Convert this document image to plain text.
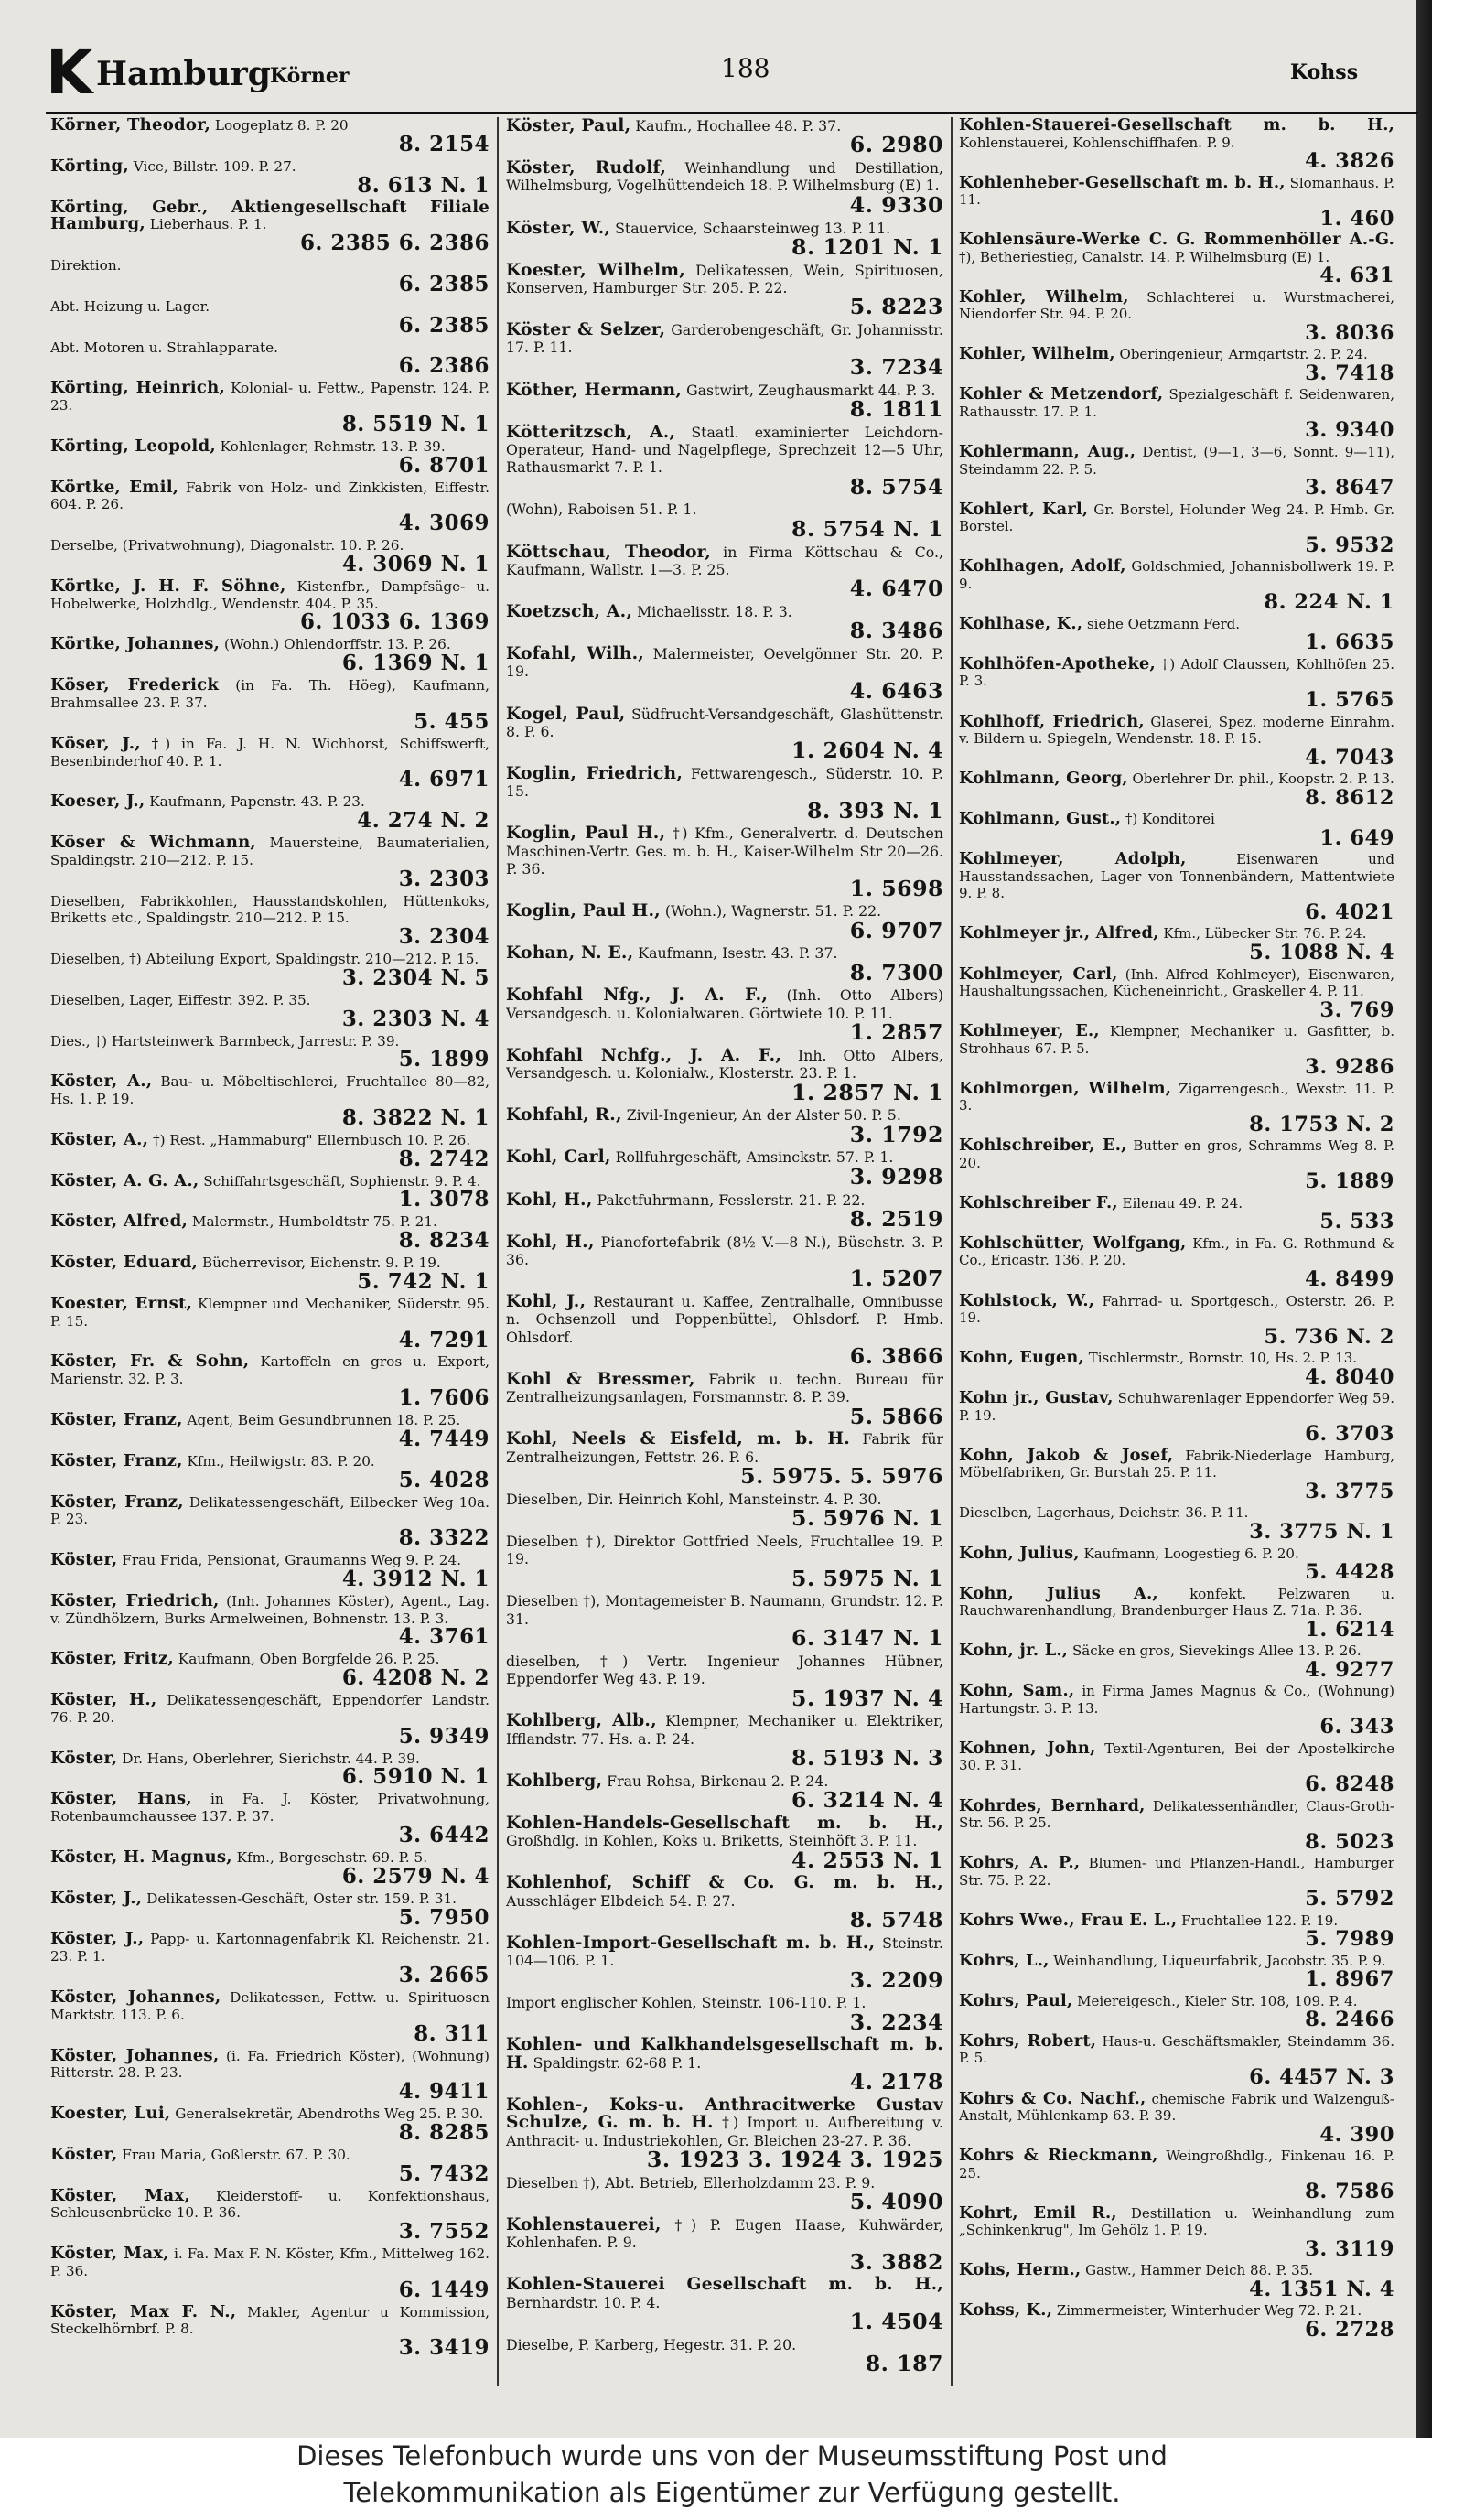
K Hamburg Körner	188	Kohss
Körner, Theodor, Loogeplatz 8. P. 20
8. 2154
Körting, Vice, Billstr. 109. P. 27.
8. 613 N. 1
Körting, Gebr., Aktiengesellschaft Filiale Hamburg, Lieberhaus. P. 1.
6. 2385 6. 2386
Direktion.
6. 2385
Abt. Heizung u. Lager.
6. 2385
Abt. Motoren u. Strahlapparate.
6. 2386
Körting, Heinrich, Kolonial- u. Fettw., Papenstr. 124. P. 23.
8. 5519 N. 1
Körting, Leopold, Kohlenlager, Rehmstr. 13. P. 39.
6. 8701
Körtke, Emil, Fabrik von Holz- und Zinkkisten, Eiffestr. 604. P. 26.
4. 3069
Derselbe, (Privatwohnung), Diagonalstr. 10. P. 26.
4. 3069 N. 1
Körtke, J. H. F. Söhne, Kistenfbr., Dampfsäge- u. Hobelwerke, Holzhdlg., Wendenstr. 404. P. 35.
6. 1033 6. 1369
Körtke, Johannes, (Wohn.) Ohlendorffstr. 13. P. 26.
6. 1369 N. 1
Köser, Frederick (in Fa. Th. Höeg), Kaufmann, Brahmsallee 23. P. 37.
5. 455
Köser, J., †) in Fa. J. H. N. Wichhorst, Schiffswerft, Besenbinderhof 40. P. 1.
4. 6971
Koeser, J., Kaufmann, Papenstr. 43. P. 23.
4. 274 N. 2
Köser & Wichmann, Mauersteine, Baumaterialien, Spaldingstr. 210—212. P. 15.
3. 2303
Dieselben, Fabrikkohlen, Hausstandskohlen, Hüttenkoks, Briketts etc., Spaldingstr. 210—212. P. 15.
3. 2304
Dieselben, †) Abteilung Export, Spaldingstr. 210—212. P. 15.
3. 2304 N. 5
Dieselben, Lager, Eiffestr. 392. P. 35.
3. 2303 N. 4
Dies., †) Hartsteinwerk Barmbeck, Jarrestr. P. 39.
5. 1899
Köster, A., Bau- u. Möbeltischlerei, Fruchtallee 80—82, Hs. 1. P. 19.
8. 3822 N. 1
Köster, A., †) Rest. „Hammaburg" Ellernbusch 10. P. 26.
8. 2742
Köster, A. G. A., Schiffahrtsgeschäft, Sophienstr. 9. P. 4.
1. 3078
Köster, Alfred, Malermstr., Humboldtstr 75. P. 21.
8. 8234
Köster, Eduard, Bücherrevisor, Eichenstr. 9. P. 19.
5. 742 N. 1
Koester, Ernst, Klempner und Mechaniker, Süderstr. 95. P. 15.
4. 7291
Köster, Fr. & Sohn, Kartoffeln en gros u. Export, Marienstr. 32. P. 3.
1. 7606
Köster, Franz, Agent, Beim Gesundbrunnen 18. P. 25.
4. 7449
Köster, Franz, Kfm., Heilwigstr. 83. P. 20.
5. 4028
Köster, Franz, Delikatessengeschäft, Eilbecker Weg 10a. P. 23.
8. 3322
Köster, Frau Frida, Pensionat, Graumanns Weg 9. P. 24.
4. 3912 N. 1
Köster, Friedrich, (Inh. Johannes Köster), Agent., Lag. v. Zündhölzern, Burks Armelweinen, Bohnenstr. 13. P. 3.
4. 3761
Köster, Fritz, Kaufmann, Oben Borgfelde 26. P. 25.
6. 4208 N. 2
Köster, H., Delikatessengeschäft, Eppendorfer Landstr. 76. P. 20.
5. 9349
Köster, Dr. Hans, Oberlehrer, Sierichstr. 44. P. 39.
6. 5910 N. 1
Köster, Hans, in Fa. J. Köster, Privatwohnung, Rotenbaumchaussee 137. P. 37.
3. 6442
Köster, H. Magnus, Kfm., Borgeschstr. 69. P. 5.
6. 2579 N. 4
Köster, J., Delikatessen-Geschäft, Oster str. 159. P. 31.
5. 7950
Köster, J., Papp- u. Kartonnagenfabrik Kl. Reichenstr. 21. 23. P. 1.
3. 2665
Köster, Johannes, Delikatessen, Fettw. u. Spirituosen Marktstr. 113. P. 6.
8. 311
Köster, Johannes, (i. Fa. Friedrich Köster), (Wohnung) Ritterstr. 28. P. 23.
4. 9411
Koester, Lui, Generalsekretär, Abendroths Weg 25. P. 30.
8. 8285
Köster, Frau Maria, Goßlerstr. 67. P. 30.
5. 7432
Köster, Max, Kleiderstoff- u. Konfektionshaus, Schleusenbrücke 10. P. 36.
3. 7552
Köster, Max, i. Fa. Max F. N. Köster, Kfm., Mittelweg 162. P. 36.
6. 1449
Köster, Max F. N., Makler, Agentur u Kommission, Steckelhörnbrf. P. 8.
3. 3419
Köster, Paul, Kaufm., Hochallee 48. P. 37.
6. 2980
Köster, Rudolf, Weinhandlung und Destillation, Wilhelmsburg, Vogelhüttendeich 18. P. Wilhelmsburg (E) 1.
4. 9330
Köster, W., Stauervice, Schaarsteinweg 13. P. 11.
8. 1201 N. 1
Koester, Wilhelm, Delikatessen, Wein, Spirituosen, Konserven, Hamburger Str. 205. P. 22.
5. 8223
Köster & Selzer, Garderobengeschäft, Gr. Johannisstr. 17. P. 11.
3. 7234
Köther, Hermann, Gastwirt, Zeughausmarkt 44. P. 3.
8. 1811
Kötteritzsch, A., Staatl. examinierter Leichdorn-Operateur, Hand- und Nagelpflege, Sprechzeit 12—5 Uhr, Rathausmarkt 7. P. 1.
8. 5754
(Wohn), Raboisen 51. P. 1.
8. 5754 N. 1
Köttschau, Theodor, in Firma Köttschau & Co., Kaufmann, Wallstr. 1—3. P. 25.
4. 6470
Koetzsch, A., Michaelisstr. 18. P. 3.
8. 3486
Kofahl, Wilh., Malermeister, Oevelgönner Str. 20. P. 19.
4. 6463
Kogel, Paul, Südfrucht-Versandgeschäft, Glashüttenstr. 8. P. 6.
1. 2604 N. 4
Koglin, Friedrich, Fettwarengesch., Süderstr. 10. P. 15.
8. 393 N. 1
Koglin, Paul H., †) Kfm., Generalvertr. d. Deutschen Maschinen-Vertr. Ges. m. b. H., Kaiser-Wilhelm Str 20—26. P. 36.
1. 5698
Koglin, Paul H., (Wohn.), Wagnerstr. 51. P. 22.
6. 9707
Kohan, N. E., Kaufmann, Isestr. 43. P. 37.
8. 7300
Kohfahl Nfg., J. A. F., (Inh. Otto Albers) Versandgesch. u. Kolonialwaren. Görtwiete 10. P. 11.
1. 2857
Kohfahl Nchfg., J. A. F., Inh. Otto Albers, Versandgesch. u. Kolonialw., Klosterstr. 23. P. 1.
1. 2857 N. 1
Kohfahl, R., Zivil-Ingenieur, An der Alster 50. P. 5.
3. 1792
Kohl, Carl, Rollfuhrgeschäft, Amsinckstr. 57. P. 1.
3. 9298
Kohl, H., Paketfuhrmann, Fesslerstr. 21. P. 22.
8. 2519
Kohl, H., Pianofortefabrik (8½ V.—8 N.), Büschstr. 3. P. 36.
1. 5207
Kohl, J., Restaurant u. Kaffee, Zentralhalle, Omnibusse n. Ochsenzoll und Poppenbüttel, Ohlsdorf. P. Hmb. Ohlsdorf.
6. 3866
Kohl & Bressmer, Fabrik u. techn. Bureau für Zentralheizungsanlagen, Forsmannstr. 8. P. 39.
5. 5866
Kohl, Neels & Eisfeld, m. b. H. Fabrik für Zentralheizungen, Fettstr. 26. P. 6.
5. 5975. 5. 5976
Dieselben, Dir. Heinrich Kohl, Mansteinstr. 4. P. 30.
5. 5976 N. 1
Dieselben †), Direktor Gottfried Neels, Fruchtallee 19. P. 19.
5. 5975 N. 1
Dieselben †), Montagemeister B. Naumann, Grundstr. 12. P. 31.
6. 3147 N. 1
dieselben, †) Vertr. Ingenieur Johannes Hübner, Eppendorfer Weg 43. P. 19.
5. 1937 N. 4
Kohlberg, Alb., Klempner, Mechaniker u. Elektriker, Ifflandstr. 77. Hs. a. P. 24.
8. 5193 N. 3
Kohlberg, Frau Rohsa, Birkenau 2. P. 24.
6. 3214 N. 4
Kohlen-Handels-Gesellschaft m. b. H., Großhdlg. in Kohlen, Koks u. Briketts, Steinhöft 3. P. 11.
4. 2553 N. 1
Kohlenhof, Schiff & Co. G. m. b. H., Ausschläger Elbdeich 54. P. 27.
8. 5748
Kohlen-Import-Gesellschaft m. b. H., Steinstr. 104—106. P. 1.
3. 2209
Import englischer Kohlen, Steinstr. 106-110. P. 1.
3. 2234
Kohlen- und Kalkhandelsgesellschaft m. b. H. Spaldingstr. 62-68 P. 1.
4. 2178
Kohlen-, Koks-u. Anthracitwerke Gustav Schulze, G. m. b. H. †) Import u. Aufbereitung v. Anthracit- u. Industriekohlen, Gr. Bleichen 23-27. P. 36.
3. 1923 3. 1924 3. 1925
Dieselben †), Abt. Betrieb, Ellerholzdamm 23. P. 9.
5. 4090
Kohlenstauerei, †) P. Eugen Haase, Kuhwärder, Kohlenhafen. P. 9.
3. 3882
Kohlen-Stauerei Gesellschaft m. b. H., Bernhardstr. 10. P. 4.
1. 4504
Dieselbe, P. Karberg, Hegestr. 31. P. 20.
8. 187
Kohlen-Stauerei-Gesellschaft m. b. H., Kohlenstauerei, Kohlenschiffhafen. P. 9.
4. 3826
Kohlenheber-Gesellschaft m. b. H., Slomanhaus. P. 11.
1. 460
Kohlensäure-Werke C. G. Rommenhöller A.-G. †), Betheriestieg, Canalstr. 14. P. Wilhelmsburg (E) 1.
4. 631
Kohler, Wilhelm, Schlachterei u. Wurstmacherei, Niendorfer Str. 94. P. 20.
3. 8036
Kohler, Wilhelm, Oberingenieur, Armgartstr. 2. P. 24.
3. 7418
Kohler & Metzendorf, Spezialgeschäft f. Seidenwaren, Rathausstr. 17. P. 1.
3. 9340
Kohlermann, Aug., Dentist, (9—1, 3—6, Sonnt. 9—11), Steindamm 22. P. 5.
3. 8647
Kohlert, Karl, Gr. Borstel, Holunder Weg 24. P. Hmb. Gr. Borstel.
5. 9532
Kohlhagen, Adolf, Goldschmied, Johannisbollwerk 19. P. 9.
8. 224 N. 1
Kohlhase, K., siehe Oetzmann Ferd.
1. 6635
Kohlhöfen-Apotheke, †) Adolf Claussen, Kohlhöfen 25. P. 3.
1. 5765
Kohlhoff, Friedrich, Glaserei, Spez. moderne Einrahm. v. Bildern u. Spiegeln, Wendenstr. 18. P. 15.
4. 7043
Kohlmann, Georg, Oberlehrer Dr. phil., Koopstr. 2. P. 13.
8. 8612
Kohlmann, Gust., †) Konditorei
1. 649
Kohlmeyer, Adolph,	Eisenwaren und Hausstandssachen, Lager von Tonnenbändern, Mattentwiete 9. P. 8.
6. 4021
Kohlmeyer jr., Alfred, Kfm., Lübecker Str. 76. P. 24.
5. 1088 N. 4
Kohlmeyer, Carl, (Inh. Alfred Kohlmeyer), Eisenwaren, Haushaltungssachen, Kücheneinricht., Graskeller 4. P. 11.
3. 769
Kohlmeyer, E., Klempner, Mechaniker u. Gasfitter, b. Strohhaus 67. P. 5.
3. 9286
Kohlmorgen, Wilhelm, Zigarrengesch., Wexstr. 11. P. 3.
8. 1753 N. 2
Kohlschreiber, E., Butter en gros, Schramms Weg 8. P. 20.
5. 1889
Kohlschreiber F., Eilenau 49. P. 24.
5. 533
Kohlschütter, Wolfgang, Kfm., in Fa. G. Rothmund & Co., Ericastr. 136. P. 20.
4. 8499
Kohlstock, W., Fahrrad- u. Sportgesch., Osterstr. 26. P. 19.
5. 736 N. 2
Kohn, Eugen, Tischlermstr., Bornstr. 10, Hs. 2. P. 13.
4. 8040
Kohn jr., Gustav, Schuhwarenlager Eppendorfer Weg 59. P. 19.
6. 3703
Kohn, Jakob & Josef, Fabrik-Niederlage Hamburg, Möbelfabriken, Gr. Burstah 25. P. 11.
3. 3775
Dieselben, Lagerhaus, Deichstr. 36. P. 11.
3. 3775 N. 1
Kohn, Julius, Kaufmann, Loogestieg 6. P. 20.
5. 4428
Kohn, Julius A., konfekt. Pelzwaren u. Rauchwarenhandlung, Brandenburger Haus Z. 71a. P. 36.
1. 6214
Kohn, jr. L., Säcke en gros, Sievekings Allee 13. P. 26.
4. 9277
Kohn, Sam., in Firma James Magnus & Co., (Wohnung) Hartungstr. 3. P. 13.
6. 343
Kohnen, John, Textil-Agenturen, Bei der Apostelkirche 30. P. 31.
6. 8248
Kohrdes, Bernhard, Delikatessenhändler, Claus-Groth-Str. 56. P. 25.
8. 5023
Kohrs, A. P., Blumen- und Pflanzen-Handl., Hamburger Str. 75. P. 22.
5. 5792
Kohrs Wwe., Frau E. L., Fruchtallee 122. P. 19.
5. 7989
Kohrs, L., Weinhandlung, Liqueurfabrik, Jacobstr. 35. P. 9.
1. 8967
Kohrs, Paul, Meiereigesch., Kieler Str. 108, 109. P. 4.
8. 2466
Kohrs, Robert, Haus-u. Geschäftsmakler, Steindamm 36. P. 5.
6. 4457 N. 3
Kohrs & Co. Nachf., chemische Fabrik und Walzenguß-Anstalt, Mühlenkamp 63. P. 39.
4. 390
Kohrs & Rieckmann, Weingroßhdlg., Finkenau 16. P. 25.
8. 7586
Kohrt, Emil R., Destillation u. Weinhandlung zum „Schinkenkrug", Im Gehölz 1. P. 19.
3. 3119
Kohs, Herm., Gastw., Hammer Deich 88. P. 35.
4. 1351 N. 4
Kohss, K., Zimmermeister, Winterhuder Weg 72. P. 21.
6. 2728
Dieses Telefonbuch wurde uns von der Museumsstiftung Post und
Telekommunikation als Eigentümer zur Verfügung gestellt.
